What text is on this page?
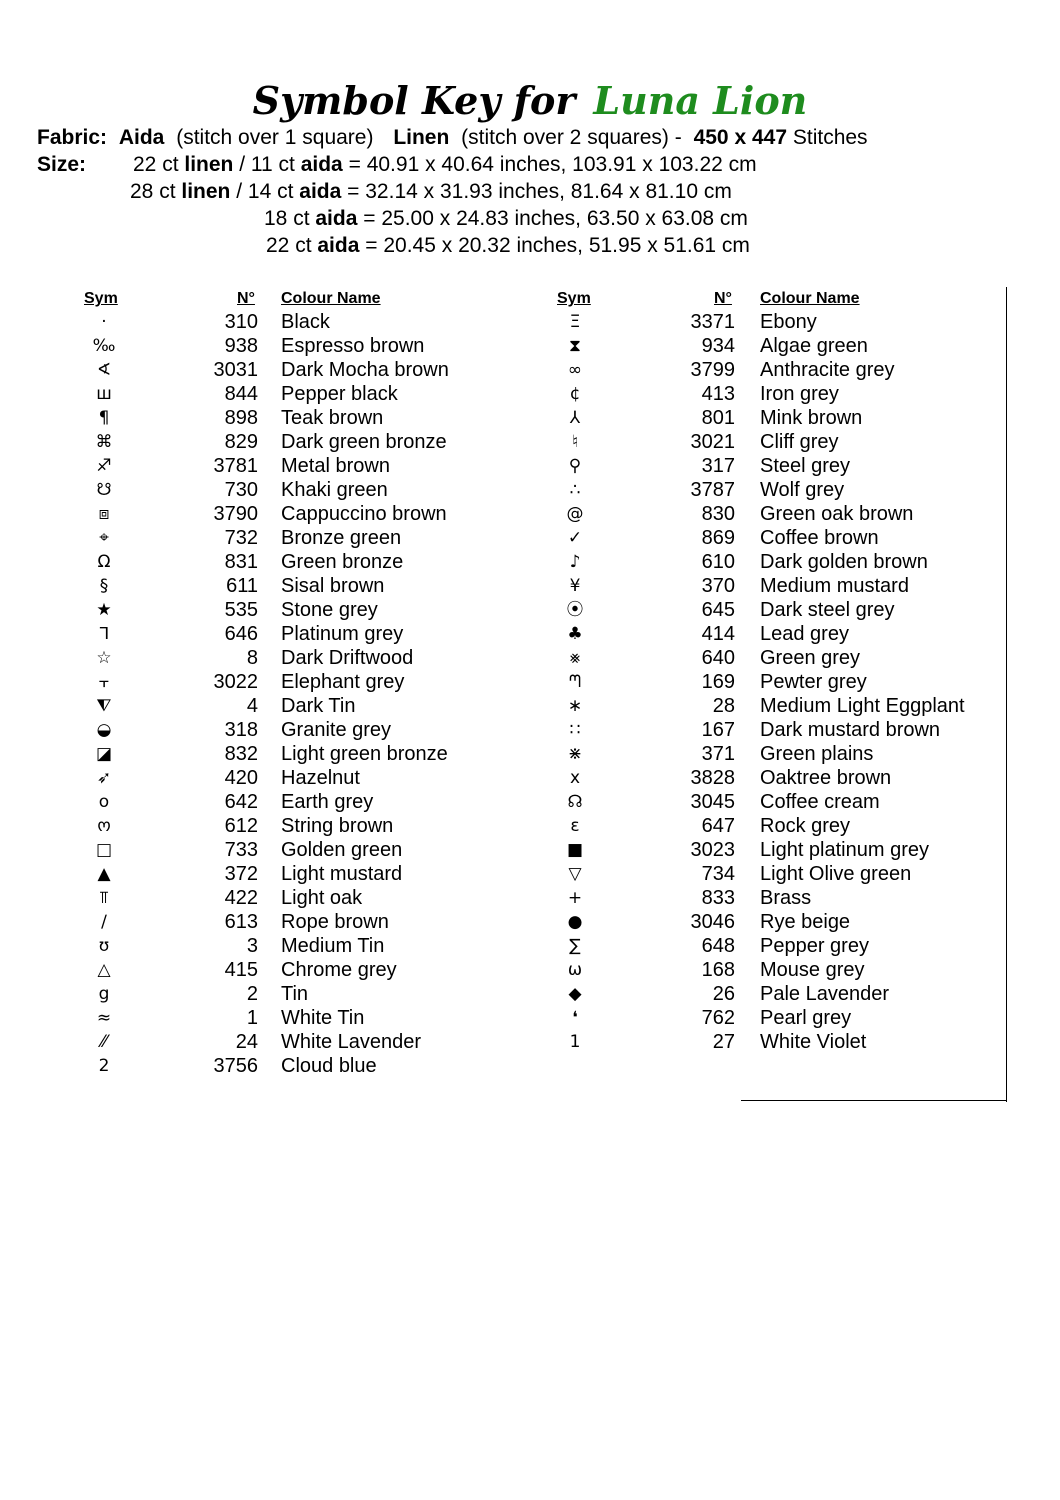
Symbol Key for Luna Lion
Fabric: Aida (stitch over 1 square) Linen (stitch over 2 squares) - 450 x 447 Stitches
Size: 22 ct linen / 11 ct aida = 40.91 x 40.64 inches, 103.91 x 103.22 cm
28 ct linen / 14 ct aida = 32.14 x 31.93 inches, 81.64 x 81.10 cm
18 ct aida = 25.00 x 24.83 inches, 63.50 x 63.08 cm
22 ct aida = 20.45 x 20.32 inches, 51.95 x 51.61 cm
Sym	N° Colour Name	Sym	N° Colour Name
·	310 Black
‰	938 Espresso brown
∢	3031 Dark Mocha brown
ш	844 Pepper black
¶	898 Teak brown
⌘	829 Dark green bronze
♐	3781 Metal brown
☋	730 Khaki green
⧈	3790 Cappuccino brown
⌖	732 Bronze green
Ω	831 Green bronze
§	611 Sisal brown
★	535 Stone grey
ᒣ	646 Platinum grey
☆	8 Dark Driftwood
⫟	3022 Elephant grey
⧨	4 Dark Tin
◒	318 Granite grey
◪	832 Light green bronze
➶	420 Hazelnut
o	642 Earth grey
ო	612 String brown
□	733 Golden green
▲	372 Light mustard
⫪	422 Light oak
∕	613 Rope brown
ʊ	3 Medium Tin
△	415 Chrome grey
g	2 Tin
≈	1 White Tin
⁄⁄	24 White Lavender
2	3756 Cloud blue
Ξ	3371 Ebony
⧗	934 Algae green
∞	3799 Anthracite grey
¢	413 Iron grey
⅄	801 Mink brown
♮	3021 Cliff grey
⚲	317 Steel grey
∴	3787 Wolf grey
@	830 Green oak brown
✓	869 Coffee brown
♪	610 Dark golden brown
¥	370 Medium mustard
⦿	645 Dark steel grey
♣	414 Lead grey
⨳	640 Green grey
ᘉ	169 Pewter grey
∗	28 Medium Light Eggplant
∷	167 Dark mustard brown
⋇	371 Green plains
x	3828 Oaktree brown
☊	3045 Coffee cream
ε	647 Rock grey
■	3023 Light platinum grey
▽	734 Light Olive green
+	833 Brass
●	3046 Rye beige
∑	648 Pepper grey
ω	168 Mouse grey
◆	26 Pale Lavender
❛	762 Pearl grey
1	27 White Violet
